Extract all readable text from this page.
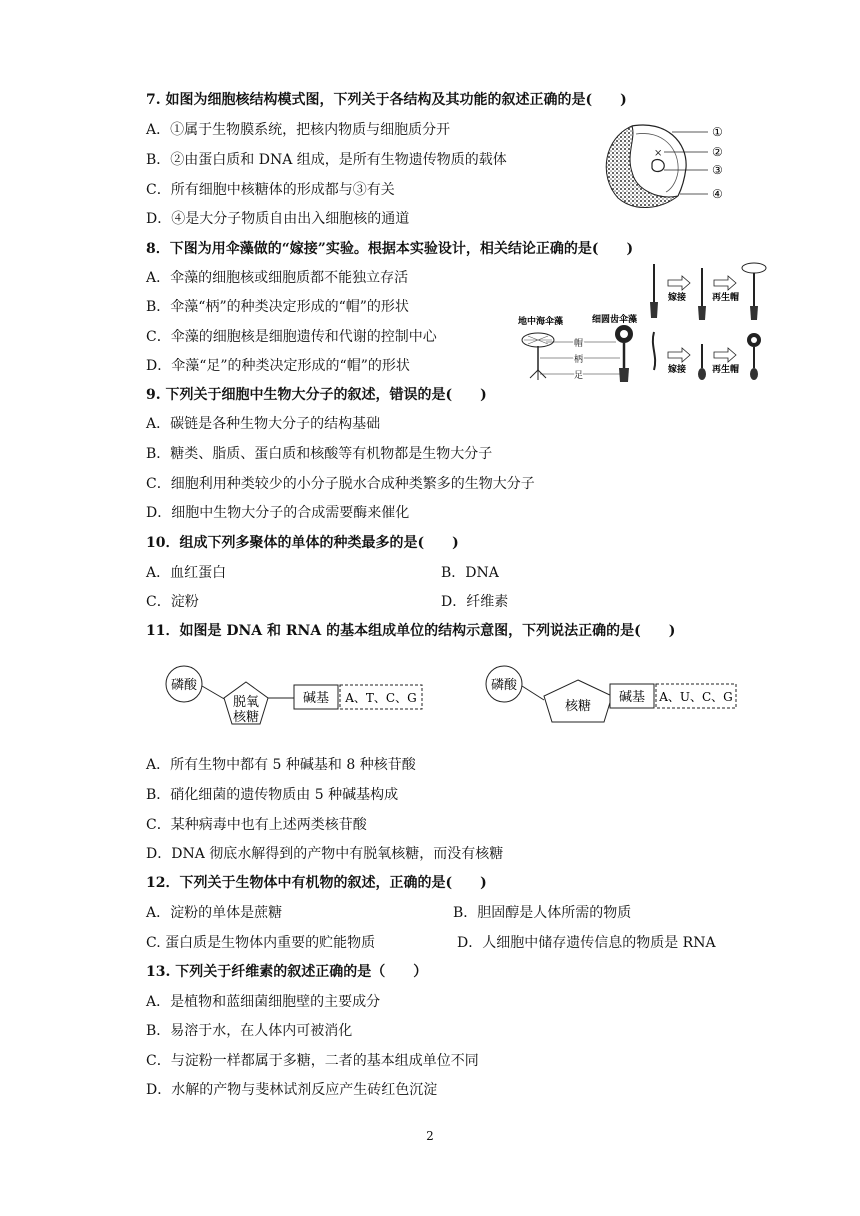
7. 如图为细胞核结构模式图，下列关于各结构及其功能的叙述正确的是(　　)
A．①属于生物膜系统，把核内物质与细胞质分开
B．②由蛋白质和 DNA 组成，是所有生物遗传物质的载体
C．所有细胞中核糖体的形成都与③有关
D．④是大分子物质自由出入细胞核的通道
×
①
②
③
④
8．下图为用伞藻做的“嫁接”实验。根据本实验设计，相关结论正确的是(　　)
A．伞藻的细胞核或细胞质都不能独立存活
B．伞藻“柄”的种类决定形成的“帽”的形状
C．伞藻的细胞核是细胞遗传和代谢的控制中心
D．伞藻“足”的种类决定形成的“帽”的形状
地中海伞藻	细圆齿伞藻
帽
柄
足
嫁接	再生帽
嫁接	再生帽
9. 下列关于细胞中生物大分子的叙述，错误的是(　　)
A．碳链是各种生物大分子的结构基础
B．糖类、脂质、蛋白质和核酸等有机物都是生物大分子
C．细胞利用种类较少的小分子脱水合成种类繁多的生物大分子
D．细胞中生物大分子的合成需要酶来催化
10．组成下列多聚体的单体的种类最多的是(　　)
A．血红蛋白	B．DNA
C．淀粉	D．纤维素
11．如图是 DNA 和 RNA 的基本组成单位的结构示意图，下列说法正确的是(　　)
磷酸
脱氧
核糖
碱基 A、T、C、G
磷酸
核糖
碱基 A、U、C、G
A．所有生物中都有 5 种碱基和 8 种核苷酸
B．硝化细菌的遗传物质由 5 种碱基构成
C．某种病毒中也有上述两类核苷酸
D．DNA 彻底水解得到的产物中有脱氧核糖，而没有核糖
12．下列关于生物体中有机物的叙述，正确的是(　　)
A．淀粉的单体是蔗糖	B．胆固醇是人体所需的物质
C. 蛋白质是生物体内重要的贮能物质	D．人细胞中储存遗传信息的物质是 RNA
13. 下列关于纤维素的叙述正确的是（　　）
A．是植物和蓝细菌细胞壁的主要成分
B．易溶于水，在人体内可被消化
C．与淀粉一样都属于多糖，二者的基本组成单位不同
D．水解的产物与斐林试剂反应产生砖红色沉淀
2
